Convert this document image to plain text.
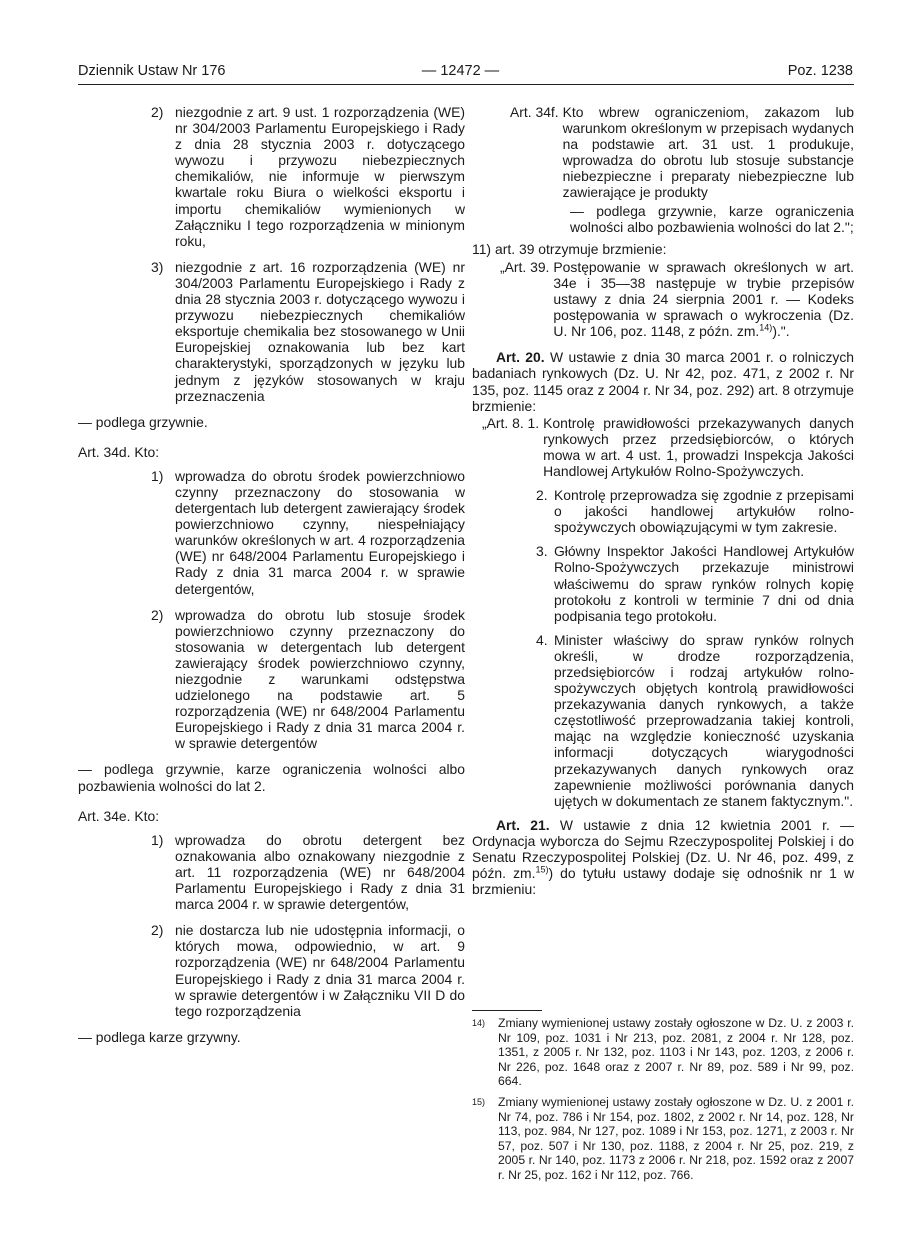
Dziennik Ustaw Nr 176	— 12472 —	Poz. 1238
2) niezgodnie z art. 9 ust. 1 rozporządzenia (WE) nr 304/2003 Parlamentu Europejskiego i Rady z dnia 28 stycznia 2003 r. dotyczącego wywozu i przywozu niebezpiecznych chemikaliów, nie informuje w pierwszym kwartale roku Biura o wielkości eksportu i importu chemikaliów wymienionych w Załączniku I tego rozporządzenia w minionym roku,
3) niezgodnie z art. 16 rozporządzenia (WE) nr 304/2003 Parlamentu Europejskiego i Rady z dnia 28 stycznia 2003 r. dotyczącego wywozu i przywozu niebezpiecznych chemikaliów eksportuje chemikalia bez stosowanego w Unii Europejskiej oznakowania lub bez kart charakterystyki, sporządzonych w języku lub jednym z języków stosowanych w kraju przeznaczenia

— podlega grzywnie.

Art. 34d. Kto:
1) wprowadza do obrotu środek powierzchniowo czynny przeznaczony do stosowania w detergentach lub detergent zawierający środek powierzchniowo czynny, niespełniający warunków określonych w art. 4 rozporządzenia (WE) nr 648/2004 Parlamentu Europejskiego i Rady z dnia 31 marca 2004 r. w sprawie detergentów,
2) wprowadza do obrotu lub stosuje środek powierzchniowo czynny przeznaczony do stosowania w detergentach lub detergent zawierający środek powierzchniowo czynny, niezgodnie z warunkami odstępstwa udzielonego na podstawie art. 5 rozporządzenia (WE) nr 648/2004 Parlamentu Europejskiego i Rady z dnia 31 marca 2004 r. w sprawie detergentów

— podlega grzywnie, karze ograniczenia wolności albo pozbawienia wolności do lat 2.

Art. 34e. Kto:
1) wprowadza do obrotu detergent bez oznakowania albo oznakowany niezgodnie z art. 11 rozporządzenia (WE) nr 648/2004 Parlamentu Europejskiego i Rady z dnia 31 marca 2004 r. w sprawie detergentów,
2) nie dostarcza lub nie udostępnia informacji, o których mowa, odpowiednio, w art. 9 rozporządzenia (WE) nr 648/2004 Parlamentu Europejskiego i Rady z dnia 31 marca 2004 r. w sprawie detergentów i w Załączniku VII D do tego rozporządzenia

— podlega karze grzywny.

Art. 34f. Kto wbrew ograniczeniom, zakazom lub warunkom określonym w przepisach wydanych na podstawie art. 31 ust. 1 produkuje, wprowadza do obrotu lub stosuje substancje niebezpieczne i preparaty niebezpieczne lub zawierające je produkty

— podlega grzywnie, karze ograniczenia wolności albo pozbawienia wolności do lat 2.";

11) art. 39 otrzymuje brzmienie:
„Art. 39. Postępowanie w sprawach określonych w art. 34e i 35—38 następuje w trybie przepisów ustawy z dnia 24 sierpnia 2001 r. — Kodeks postępowania w sprawach o wykroczenia (Dz. U. Nr 106, poz. 1148, z późn. zm.$^{14)}$).".

Art. 20. W ustawie z dnia 30 marca 2001 r. o rolniczych badaniach rynkowych (Dz. U. Nr 42, poz. 471, z 2002 r. Nr 135, poz. 1145 oraz z 2004 r. Nr 34, poz. 292) art. 8 otrzymuje brzmienie:

„Art. 8. 1. Kontrolę prawidłowości przekazywanych danych rynkowych przez przedsiębiorców, o których mowa w art. 4 ust. 1, prowadzi Inspekcja Jakości Handlowej Artykułów Rolno-Spożywczych.
2. Kontrolę przeprowadza się zgodnie z przepisami o jakości handlowej artykułów rolno-spożywczych obowiązującymi w tym zakresie.
3. Główny Inspektor Jakości Handlowej Artykułów Rolno-Spożywczych przekazuje ministrowi właściwemu do spraw rynków rolnych kopię protokołu z kontroli w terminie 7 dni od dnia podpisania tego protokołu.
4. Minister właściwy do spraw rynków rolnych określi, w drodze rozporządzenia, przedsiębiorców i rodzaj artykułów rolno-spożywczych objętych kontrolą prawidłowości przekazywania danych rynkowych, a także częstotliwość przeprowadzania takiej kontroli, mając na względzie konieczność uzyskania informacji dotyczących wiarygodności przekazywanych danych rynkowych oraz zapewnienie możliwości porównania danych ujętych w dokumentach ze stanem faktycznym.".

Art. 21. W ustawie z dnia 12 kwietnia 2001 r. — Ordynacja wyborcza do Sejmu Rzeczypospolitej Polskiej i do Senatu Rzeczypospolitej Polskiej (Dz. U. Nr 46, poz. 499, z późn. zm.$^{15)}$) do tytułu ustawy dodaje się odnośnik nr 1 w brzmieniu:

14)	Zmiany wymienionej ustawy zostały ogłoszone w Dz. U. z 2003 r. Nr 109, poz. 1031 i Nr 213, poz. 2081, z 2004 r. Nr 128, poz. 1351, z 2005 r. Nr 132, poz. 1103 i Nr 143, poz. 1203, z 2006 r. Nr 226, poz. 1648 oraz z 2007 r. Nr 89, poz. 589 i Nr 99, poz. 664.
15)	Zmiany wymienionej ustawy zostały ogłoszone w Dz. U. z 2001 r. Nr 74, poz. 786 i Nr 154, poz. 1802, z 2002 r. Nr 14, poz. 128, Nr 113, poz. 984, Nr 127, poz. 1089 i Nr 153, poz. 1271, z 2003 r. Nr 57, poz. 507 i Nr 130, poz. 1188, z 2004 r. Nr 25, poz. 219, z 2005 r. Nr 140, poz. 1173 z 2006 r. Nr 218, poz. 1592 oraz z 2007 r. Nr 25, poz. 162 i Nr 112, poz. 766.
